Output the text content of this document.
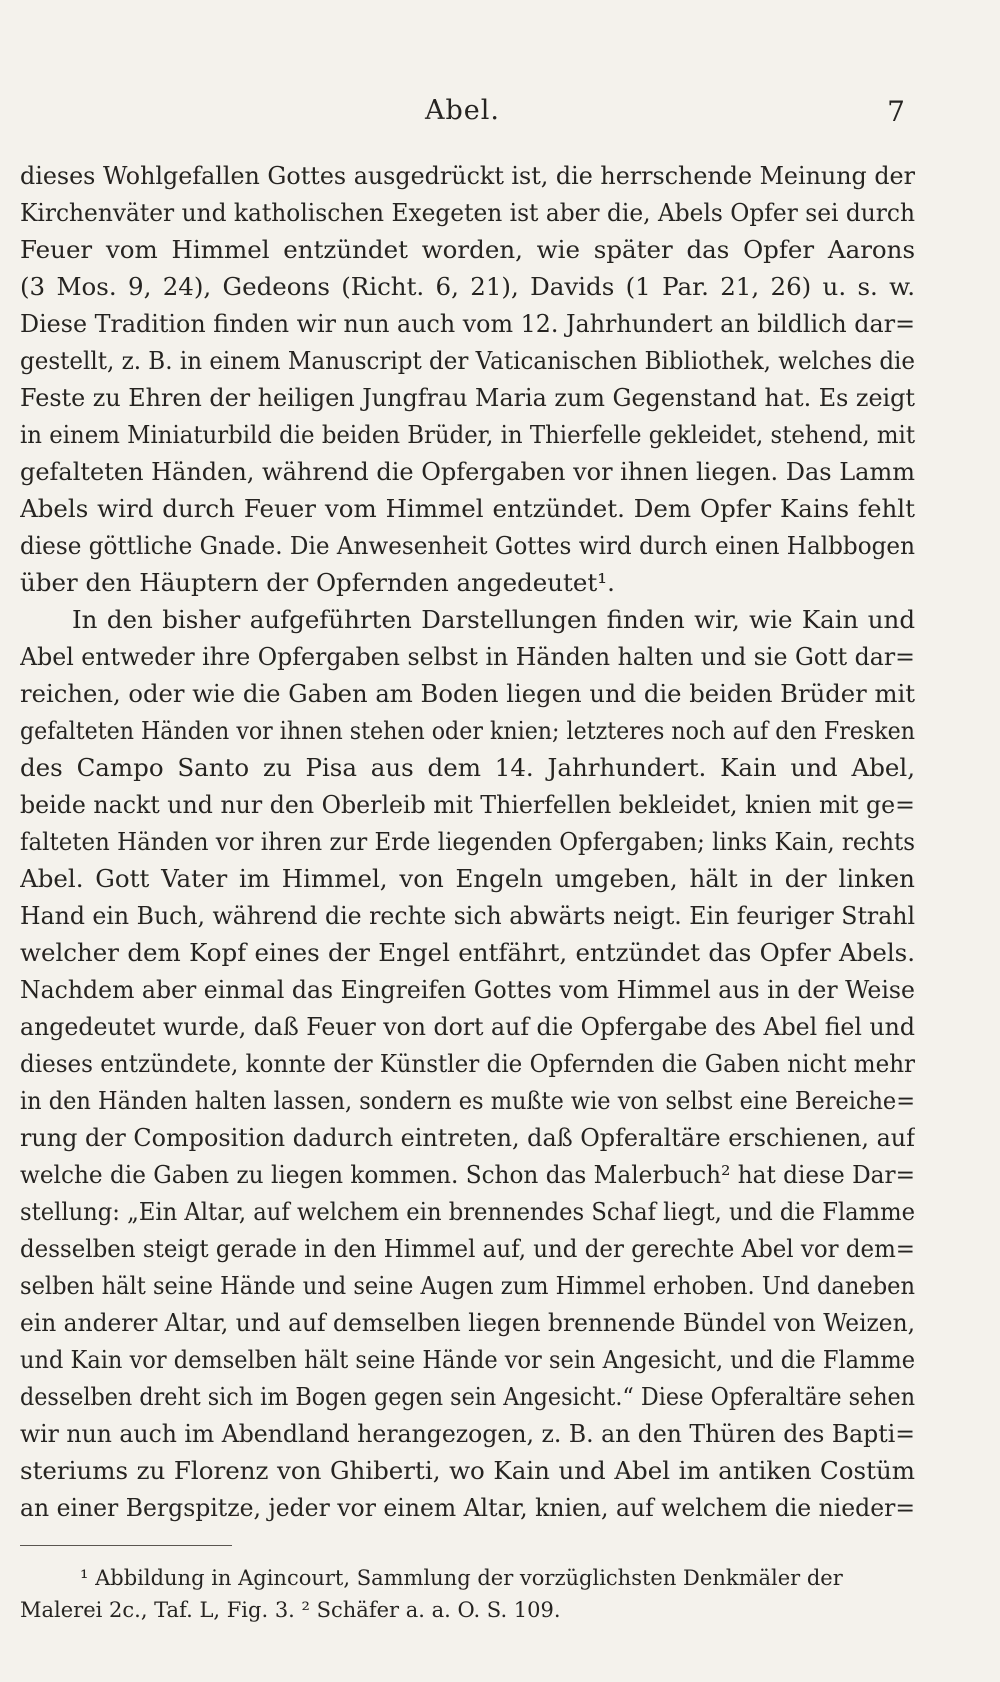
Abel.	7
dieses Wohlgefallen Gottes ausgedrückt ist, die herrschende Meinung der
Kirchenväter und katholischen Exegeten ist aber die, Abels Opfer sei durch
Feuer vom Himmel entzündet worden, wie später das Opfer Aarons
(3 Mos. 9, 24), Gedeons (Richt. 6, 21), Davids (1 Par. 21, 26) u. s. w.
Diese Tradition finden wir nun auch vom 12. Jahrhundert an bildlich dar=
gestellt, z. B. in einem Manuscript der Vaticanischen Bibliothek, welches die
Feste zu Ehren der heiligen Jungfrau Maria zum Gegenstand hat. Es zeigt
in einem Miniaturbild die beiden Brüder, in Thierfelle gekleidet, stehend, mit
gefalteten Händen, während die Opfergaben vor ihnen liegen. Das Lamm
Abels wird durch Feuer vom Himmel entzündet. Dem Opfer Kains fehlt
diese göttliche Gnade. Die Anwesenheit Gottes wird durch einen Halbbogen
über den Häuptern der Opfernden angedeutet¹.
In den bisher aufgeführten Darstellungen finden wir, wie Kain und
Abel entweder ihre Opfergaben selbst in Händen halten und sie Gott dar=
reichen, oder wie die Gaben am Boden liegen und die beiden Brüder mit
gefalteten Händen vor ihnen stehen oder knien; letzteres noch auf den Fresken
des Campo Santo zu Pisa aus dem 14. Jahrhundert. Kain und Abel,
beide nackt und nur den Oberleib mit Thierfellen bekleidet, knien mit ge=
falteten Händen vor ihren zur Erde liegenden Opfergaben; links Kain, rechts
Abel. Gott Vater im Himmel, von Engeln umgeben, hält in der linken
Hand ein Buch, während die rechte sich abwärts neigt. Ein feuriger Strahl
welcher dem Kopf eines der Engel entfährt, entzündet das Opfer Abels.
Nachdem aber einmal das Eingreifen Gottes vom Himmel aus in der Weise
angedeutet wurde, daß Feuer von dort auf die Opfergabe des Abel fiel und
dieses entzündete, konnte der Künstler die Opfernden die Gaben nicht mehr
in den Händen halten lassen, sondern es mußte wie von selbst eine Bereiche=
rung der Composition dadurch eintreten, daß Opferaltäre erschienen, auf
welche die Gaben zu liegen kommen. Schon das Malerbuch² hat diese Dar=
stellung: „Ein Altar, auf welchem ein brennendes Schaf liegt, und die Flamme
desselben steigt gerade in den Himmel auf, und der gerechte Abel vor dem=
selben hält seine Hände und seine Augen zum Himmel erhoben. Und daneben
ein anderer Altar, und auf demselben liegen brennende Bündel von Weizen,
und Kain vor demselben hält seine Hände vor sein Angesicht, und die Flamme
desselben dreht sich im Bogen gegen sein Angesicht.“ Diese Opferaltäre sehen
wir nun auch im Abendland herangezogen, z. B. an den Thüren des Bapti=
steriums zu Florenz von Ghiberti, wo Kain und Abel im antiken Costüm
an einer Bergspitze, jeder vor einem Altar, knien, auf welchem die nieder=
¹ Abbildung in Agincourt, Sammlung der vorzüglichsten Denkmäler der
Malerei 2c., Taf. L, Fig. 3. ² Schäfer a. a. O. S. 109.
